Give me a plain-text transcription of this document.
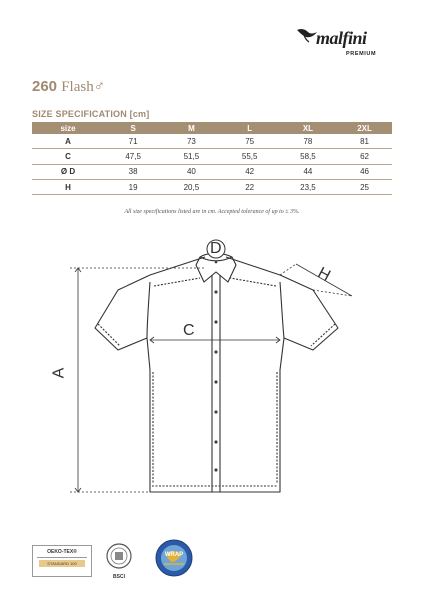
malfini
PREMIUM
260 Flash♂
SIZE SPECIFICATION [cm]
size	S	M	L	XL	2XL
A	71	73	75	78	81
C	47,5	51,5	55,5	58,5	62
Ø D	38	40	42	44	46
H	19	20,5	22	23,5	25
All size specifications listed are in cm. Accepted tolerance of up to ± 3%.
D
C
A
H
OEKO-TEX®
STANDARD 100
BSCI
WRAP
